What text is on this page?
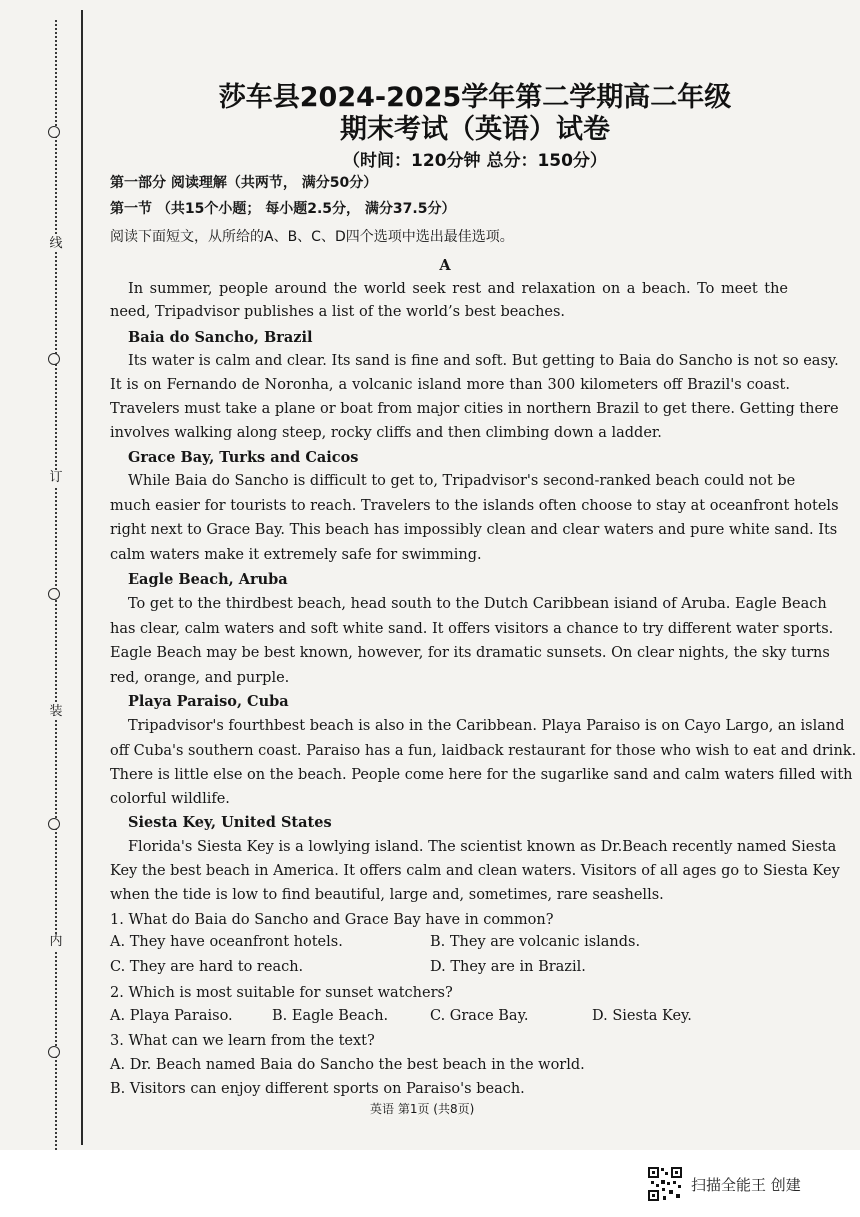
线
订
装
内
莎车县2024-2025学年第二学期高二年级
期末考试（英语）试卷
（时间：120分钟 总分：150分）
第一部分 阅读理解（共两节， 满分50分）
第一节 （共15个小题； 每小题2.5分， 满分37.5分）
阅读下面短文，从所给的A、B、C、D四个选项中选出最佳选项。
A
In summer, people around the world seek rest and relaxation on a beach. To meet the
need, Tripadvisor publishes a list of the world’s best beaches.
Baia do Sancho, Brazil
Its water is calm and clear. Its sand is fine and soft. But getting to Baia do Sancho is not so easy.
It is on Fernando de Noronha, a volcanic island more than 300 kilometers off Brazil's coast.
Travelers must take a plane or boat from major cities in northern Brazil to get there. Getting there
involves walking along steep, rocky cliffs and then climbing down a ladder.
Grace Bay, Turks and Caicos
While Baia do Sancho is difficult to get to, Tripadvisor's second-ranked beach could not be
much easier for tourists to reach. Travelers to the islands often choose to stay at oceanfront hotels
right next to Grace Bay. This beach has impossibly clean and clear waters and pure white sand. Its
calm waters make it extremely safe for swimming.
Eagle Beach, Aruba
To get to the thirdbest beach, head south to the Dutch Caribbean isiand of Aruba. Eagle Beach
has clear, calm waters and soft white sand. It offers visitors a chance to try different water sports.
Eagle Beach may be best known, however, for its dramatic sunsets. On clear nights, the sky turns
red, orange, and purple.
Playa Paraiso, Cuba
Tripadvisor's fourthbest beach is also in the Caribbean. Playa Paraiso is on Cayo Largo, an island
off Cuba's southern coast. Paraiso has a fun, laidback restaurant for those who wish to eat and drink.
There is little else on the beach. People come here for the sugarlike sand and calm waters filled with
colorful wildlife.
Siesta Key, United States
Florida's Siesta Key is a lowlying island. The scientist known as Dr.Beach recently named Siesta
Key the best beach in America. It offers calm and clean waters. Visitors of all ages go to Siesta Key
when the tide is low to find beautiful, large and, sometimes, rare seashells.
1. What do Baia do Sancho and Grace Bay have in common?
A. They have oceanfront hotels.	B. They are volcanic islands.
C. They are hard to reach.	D. They are in Brazil.
2. Which is most suitable for sunset watchers?
A. Playa Paraiso.	B. Eagle Beach.	C. Grace Bay.	D. Siesta Key.
3. What can we learn from the text?
A. Dr. Beach named Baia do Sancho the best beach in the world.
B. Visitors can enjoy different sports on Paraiso's beach.
英语 第1页 (共8页)
扫描全能王 创建
